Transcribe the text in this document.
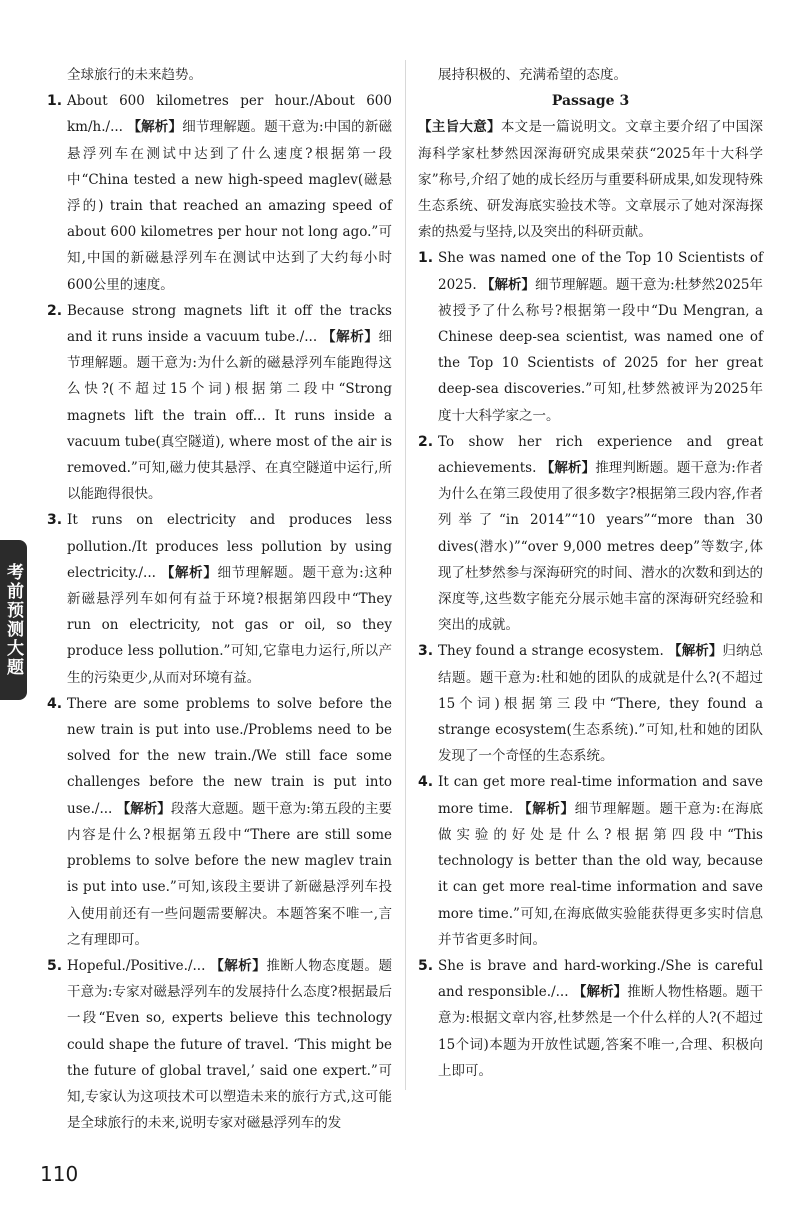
考前预测大题

全球旅行的未来趋势。

1. About 600 kilometres per hour./About 600 km/h./... 【解析】细节理解题。题干意为:中国的新磁悬浮列车在测试中达到了什么速度?根据第一段中“China tested a new high-speed maglev(磁悬浮的) train that reached an amazing speed of about 600 kilometres per hour not long ago.”可知,中国的新磁悬浮列车在测试中达到了大约每小时600公里的速度。
2. Because strong magnets lift it off the tracks and it runs inside a vacuum tube./... 【解析】细节理解题。题干意为:为什么新的磁悬浮列车能跑得这么快?(不超过15个词)根据第二段中“Strong magnets lift the train off... It runs inside a vacuum tube(真空隧道), where most of the air is removed.”可知,磁力使其悬浮、在真空隧道中运行,所以能跑得很快。
3. It runs on electricity and produces less pollution./It produces less pollution by using electricity./... 【解析】细节理解题。题干意为:这种新磁悬浮列车如何有益于环境?根据第四段中“They run on electricity, not gas or oil, so they produce less pollution.”可知,它靠电力运行,所以产生的污染更少,从而对环境有益。
4. There are some problems to solve before the new train is put into use./Problems need to be solved for the new train./We still face some challenges before the new train is put into use./... 【解析】段落大意题。题干意为:第五段的主要内容是什么?根据第五段中“There are still some problems to solve before the new maglev train is put into use.”可知,该段主要讲了新磁悬浮列车投入使用前还有一些问题需要解决。本题答案不唯一,言之有理即可。
5. Hopeful./Positive./... 【解析】推断人物态度题。题干意为:专家对磁悬浮列车的发展持什么态度?根据最后一段“Even so, experts believe this technology could shape the future of travel. ‘This might be the future of global travel,’ said one expert.”可知,专家认为这项技术可以塑造未来的旅行方式,这可能是全球旅行的未来,说明专家对磁悬浮列车的发

展持积极的、充满希望的态度。

Passage 3

【主旨大意】本文是一篇说明文。文章主要介绍了中国深海科学家杜梦然因深海研究成果荣获“2025年十大科学家”称号,介绍了她的成长经历与重要科研成果,如发现特殊生态系统、研发海底实验技术等。文章展示了她对深海探索的热爱与坚持,以及突出的科研贡献。

1. She was named one of the Top 10 Scientists of 2025. 【解析】细节理解题。题干意为:杜梦然2025年被授予了什么称号?根据第一段中“Du Mengran, a Chinese deep-sea scientist, was named one of the Top 10 Scientists of 2025 for her great deep-sea discoveries.”可知,杜梦然被评为2025年度十大科学家之一。
2. To show her rich experience and great achievements. 【解析】推理判断题。题干意为:作者为什么在第三段使用了很多数字?根据第三段内容,作者列举了“in 2014”“10 years”“more than 30 dives(潜水)”“over 9,000 metres deep”等数字,体现了杜梦然参与深海研究的时间、潜水的次数和到达的深度等,这些数字能充分展示她丰富的深海研究经验和突出的成就。
3. They found a strange ecosystem. 【解析】归纳总结题。题干意为:杜和她的团队的成就是什么?(不超过15个词)根据第三段中“There, they found a strange ecosystem(生态系统).”可知,杜和她的团队发现了一个奇怪的生态系统。
4. It can get more real-time information and save more time. 【解析】细节理解题。题干意为:在海底做实验的好处是什么?根据第四段中“This technology is better than the old way, because it can get more real-time information and save more time.”可知,在海底做实验能获得更多实时信息并节省更多时间。
5. She is brave and hard-working./She is careful and responsible./... 【解析】推断人物性格题。题干意为:根据文章内容,杜梦然是一个什么样的人?(不超过15个词)本题为开放性试题,答案不唯一,合理、积极向上即可。
110
